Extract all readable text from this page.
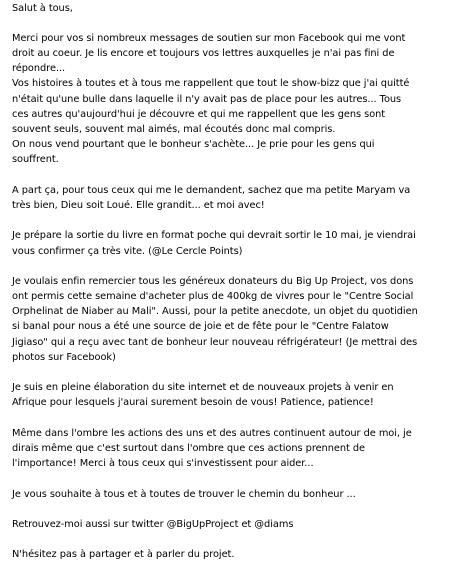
Salut à tous,
Merci pour vos si nombreux messages de soutien sur mon Facebook qui me vont
droit au coeur. Je lis encore et toujours vos lettres auxquelles je n'ai pas fini de
répondre...
Vos histoires à toutes et à tous me rappellent que tout le show-bizz que j'ai quitté
n'était qu'une bulle dans laquelle il n'y avait pas de place pour les autres... Tous
ces autres qu'aujourd'hui je découvre et qui me rappellent que les gens sont
souvent seuls, souvent mal aimés, mal écoutés donc mal compris.
On nous vend pourtant que le bonheur s'achète... Je prie pour les gens qui
souffrent.
A part ça, pour tous ceux qui me le demandent, sachez que ma petite Maryam va
très bien, Dieu soit Loué. Elle grandit... et moi avec!
Je prépare la sortie du livre en format poche qui devrait sortir le 10 mai, je viendrai
vous confirmer ça très vite. (@Le Cercle Points)
Je voulais enfin remercier tous les généreux donateurs du Big Up Project, vos dons
ont permis cette semaine d'acheter plus de 400kg de vivres pour le "Centre Social
Orphelinat de Niaber au Mali". Aussi, pour la petite anecdote, un objet du quotidien
si banal pour nous a été une source de joie et de fête pour le "Centre Falatow
Jigiaso" qui a reçu avec tant de bonheur leur nouveau réfrigérateur! (Je mettrai des
photos sur Facebook)
Je suis en pleine élaboration du site internet et de nouveaux projets à venir en
Afrique pour lesquels j'aurai surement besoin de vous! Patience, patience!
Même dans l'ombre les actions des uns et des autres continuent autour de moi, je
dirais même que c'est surtout dans l'ombre que ces actions prennent de
l'importance! Merci à tous ceux qui s'investissent pour aider...
Je vous souhaite à tous et à toutes de trouver le chemin du bonheur ...
Retrouvez-moi aussi sur twitter @BigUpProject et @diams
N'hésitez pas à partager et à parler du projet.
